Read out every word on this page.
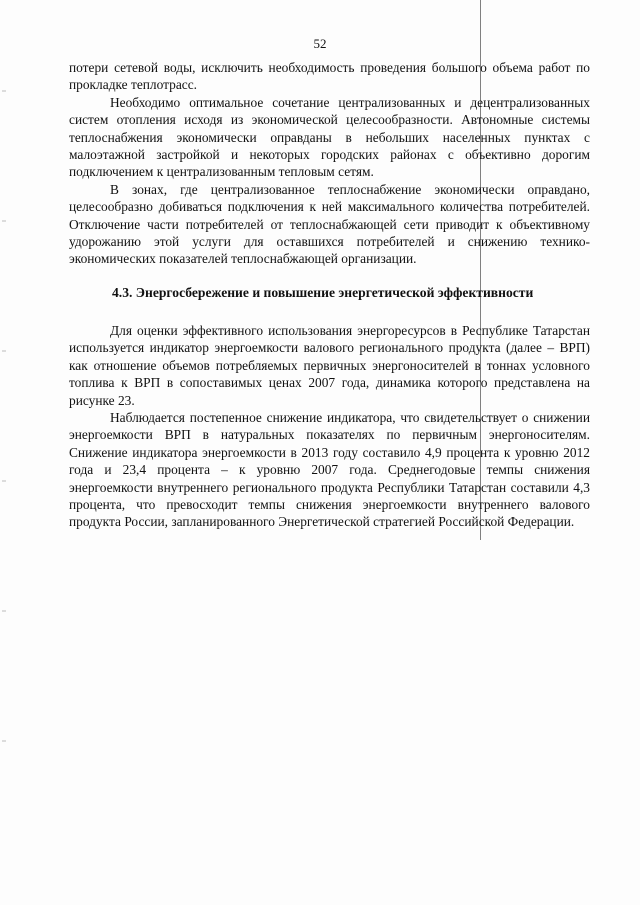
52

потери сетевой воды, исключить необходимость проведения большого объема работ по прокладке теплотрасс.

Необходимо оптимальное сочетание централизованных и децентрализованных систем отопления исходя из экономической целесообразности. Автономные системы теплоснабжения экономически оправданы в небольших населенных пунктах с малоэтажной застройкой и некоторых городских районах с объективно дорогим подключением к централизованным тепловым сетям.

В зонах, где централизованное теплоснабжение экономически оправдано, целесообразно добиваться подключения к ней максимального количества потребителей. Отключение части потребителей от теплоснабжающей сети приводит к объективному удорожанию этой услуги для оставшихся потребителей и снижению технико-экономических показателей теплоснабжающей организации.

4.3. Энергосбережение и повышение энергетической эффективности

Для оценки эффективного использования энергоресурсов в Республике Татарстан используется индикатор энергоемкости валового регионального продукта (далее – ВРП) как отношение объемов потребляемых первичных энергоносителей в тоннах условного топлива к ВРП в сопоставимых ценах 2007 года, динамика которого представлена на рисунке 23.

Наблюдается постепенное снижение индикатора, что свидетельствует о снижении энергоемкости ВРП в натуральных показателях по первичным энергоносителям. Снижение индикатора энергоемкости в 2013 году составило 4,9 процента к уровню 2012 года и 23,4 процента – к уровню 2007 года. Среднегодовые темпы снижения энергоемкости внутреннего регионального продукта Республики Татарстан составили 4,3 процента, что превосходит темпы снижения энергоемкости внутреннего валового продукта России, запланированного Энергетической стратегией Российской Федерации.
